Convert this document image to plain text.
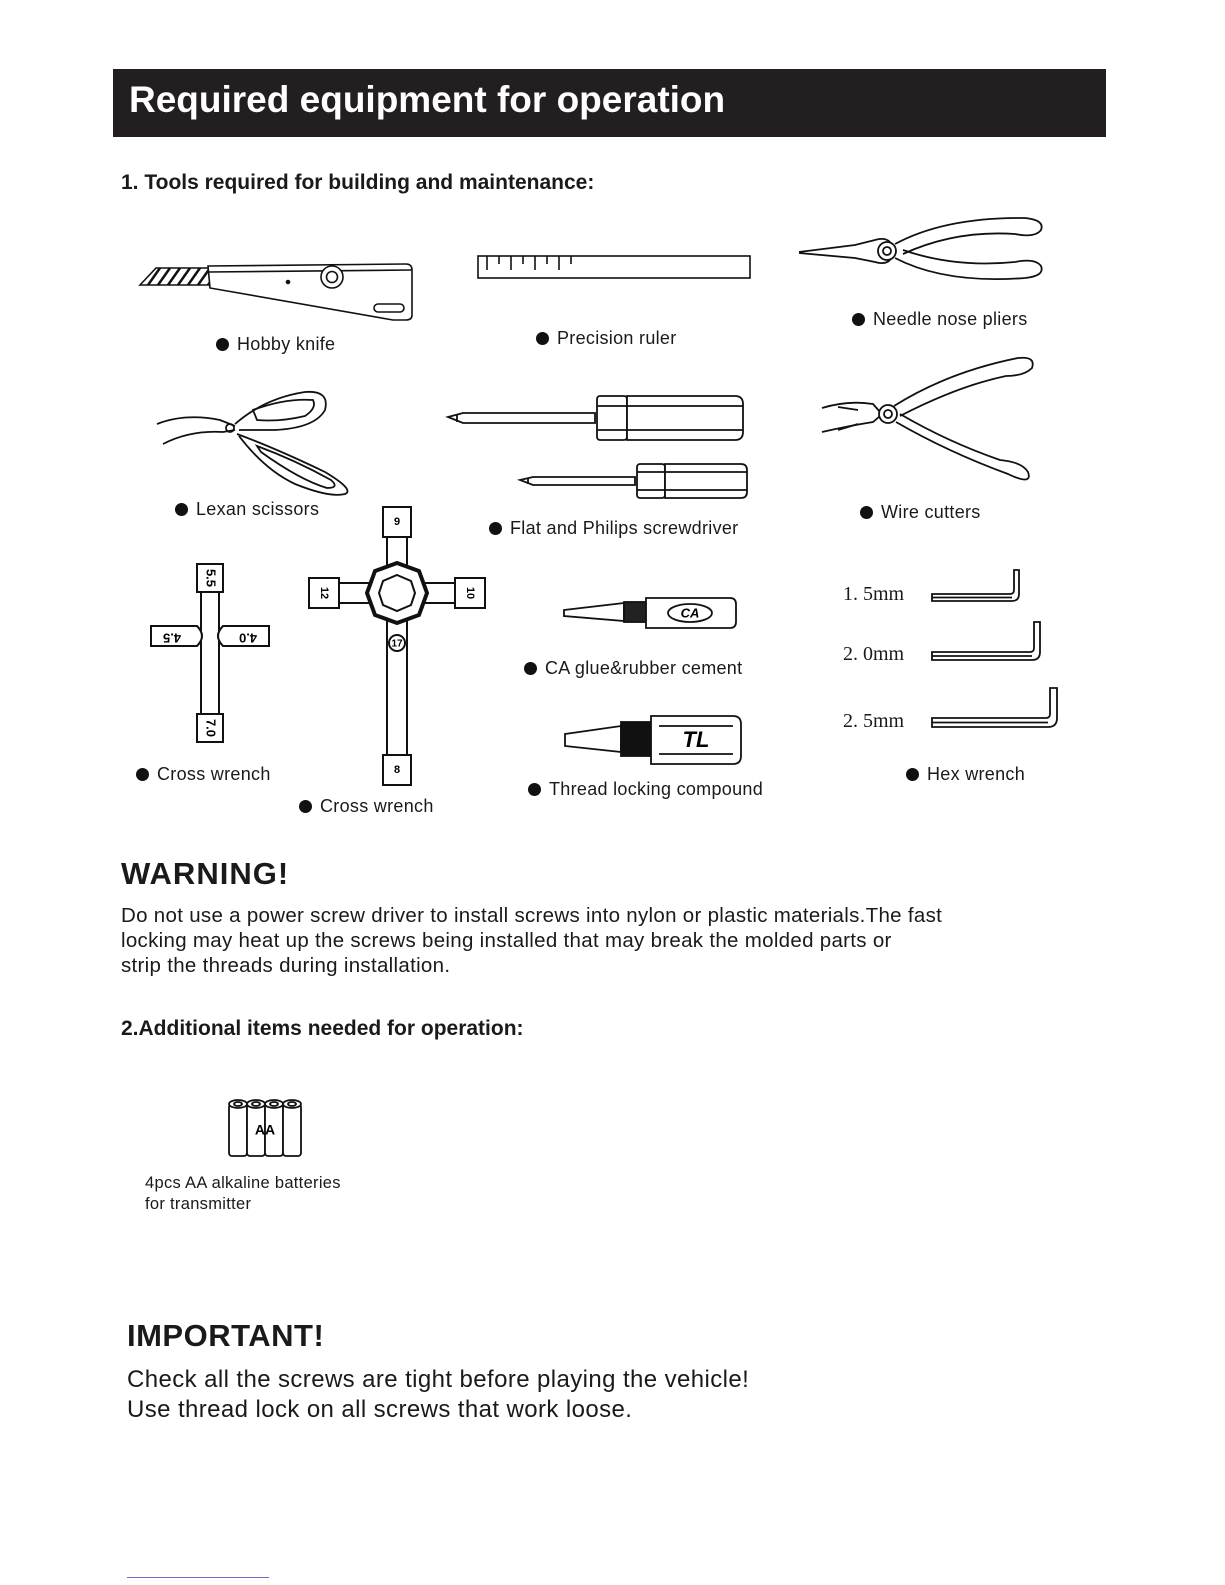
Required equipment for operation
1. Tools required for building and maintenance:
Hobby knife	Precision ruler
Needle nose pliers
Lexan scissors
Flat and Philips screwdriver
Wire cutters
5.5
4.5	4.0
7.0
Cross wrench
9
12	10
17
8
Cross wrench
CA
CA glue&rubber cement
TL
Thread locking compound
1. 5mm
2. 0mm
2. 5mm
Hex wrench
WARNING!
Do not use a power screw driver to install screws into nylon or plastic materials.The fast
locking may heat up the screws being installed that may break the molded parts or
strip the threads during installation.
2.Additional items needed for operation:
AA
4pcs AA alkaline batteries
for transmitter
IMPORTANT!
Check all the screws are tight before playing the vehicle!
Use thread lock on all screws that work loose.
